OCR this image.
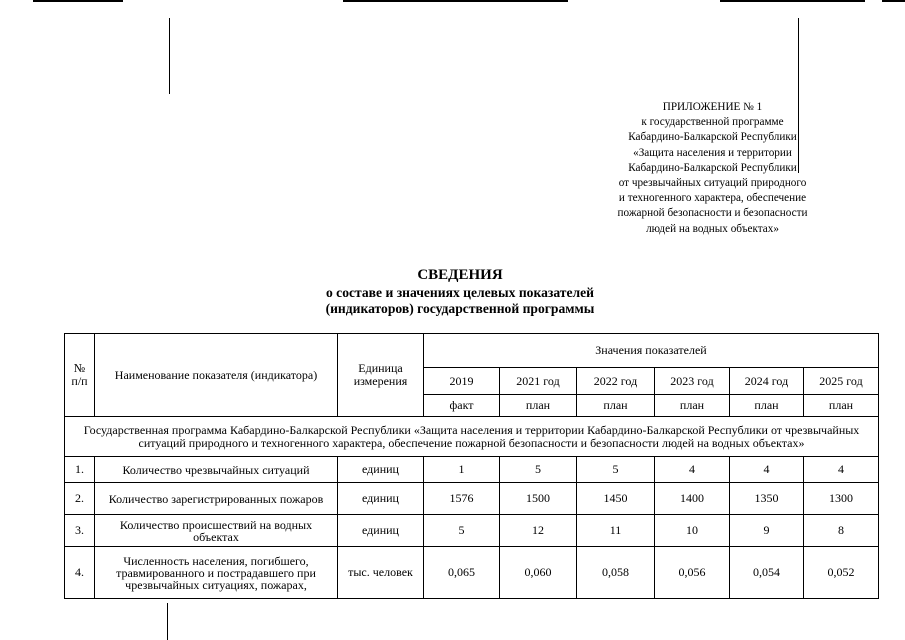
ПРИЛОЖЕНИЕ № 1
к государственной программе
Кабардино-Балкарской Республики
«Защита населения и территории
Кабардино-Балкарской Республики
от чрезвычайных ситуаций природного
и техногенного характера, обеспечение
пожарной безопасности и безопасности
людей на водных объектах»
СВЕДЕНИЯ
о составе и значениях целевых показателей
(индикаторов) государственной программы
№ п/п	Наименование показателя (индикатора)	Единица измерения	Значения показателей					
			2019	2021 год	2022 год	2023 год	2024 год	2025 год
			факт	план	план	план	план	план
Государственная программа Кабардино-Балкарской Республики «Защита населения и территории Кабардино-Балкарской Республики от чрезвычайных ситуаций природного и техногенного характера, обеспечение пожарной безопасности и безопасности людей на водных объектах»								
1.	Количество чрезвычайных ситуаций	единиц	1	5	5	4	4	4
2.	Количество зарегистрированных пожаров	единиц	1576	1500	1450	1400	1350	1300
3.	Количество происшествий на водных объектах	единиц	5	12	11	10	9	8
4.	Численность населения, погибшего, травмированного и пострадавшего при чрезвычайных ситуациях, пожарах,	тыс. человек	0,065	0,060	0,058	0,056	0,054	0,052
